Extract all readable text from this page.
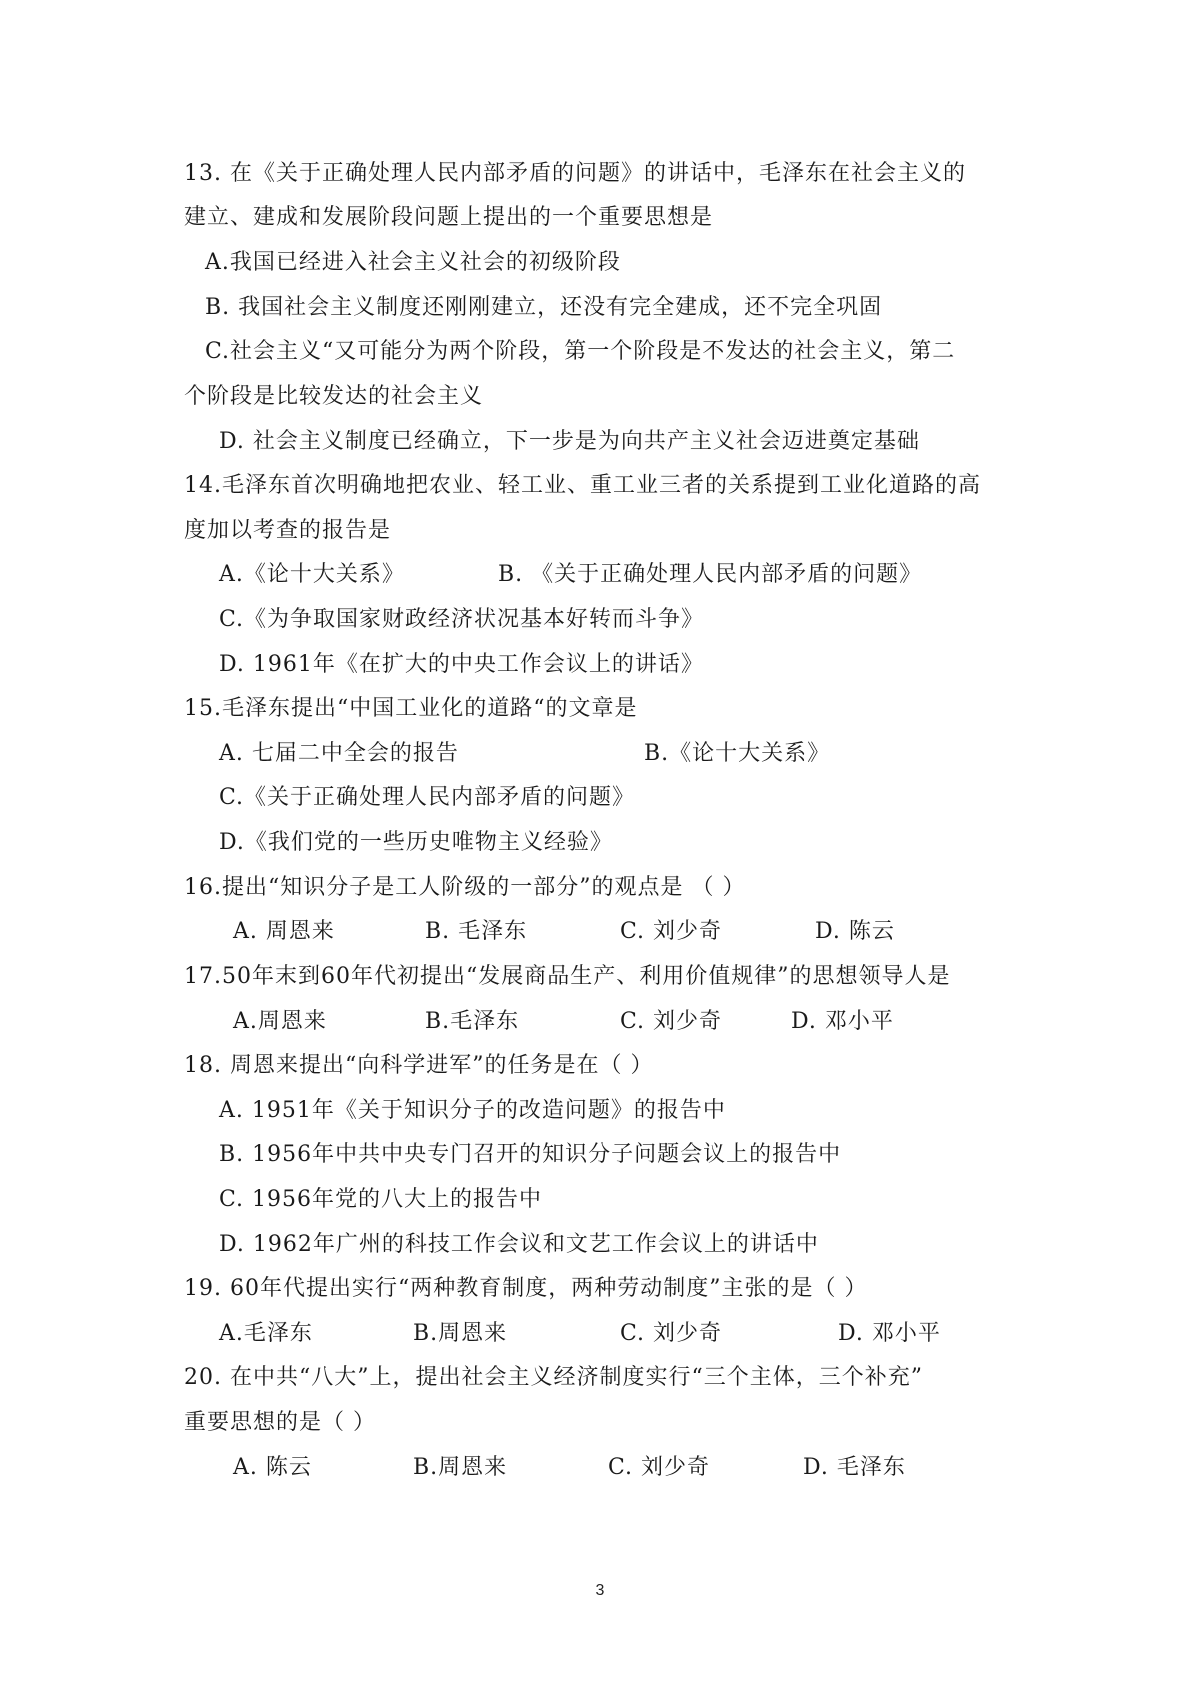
13. 在《关于正确处理人民内部矛盾的问题》的讲话中，毛泽东在社会主义的
建立、建成和发展阶段问题上提出的一个重要思想是
A.我国已经进入社会主义社会的初级阶段
B. 我国社会主义制度还刚刚建立，还没有完全建成，还不完全巩固
C.社会主义“又可能分为两个阶段，第一个阶段是不发达的社会主义，第二
个阶段是比较发达的社会主义
D. 社会主义制度已经确立，下一步是为向共产主义社会迈进奠定基础
14.毛泽东首次明确地把农业、轻工业、重工业三者的关系提到工业化道路的高
度加以考查的报告是
A.《论十大关系》	B. 《关于正确处理人民内部矛盾的问题》
C.《为争取国家财政经济状况基本好转而斗争》
D. 1961年《在扩大的中央工作会议上的讲话》
15.毛泽东提出“中国工业化的道路“的文章是
A. 七届二中全会的报告	B.《论十大关系》
C.《关于正确处理人民内部矛盾的问题》
D.《我们党的一些历史唯物主义经验》
16.提出“知识分子是工人阶级的一部分”的观点是 （ ）
A. 周恩来	B. 毛泽东	C. 刘少奇	D. 陈云
17.50年末到60年代初提出“发展商品生产、利用价值规律”的思想领导人是
A.周恩来	B.毛泽东	C. 刘少奇	D. 邓小平
18. 周恩来提出“向科学进军”的任务是在（ ）
A. 1951年《关于知识分子的改造问题》的报告中
B. 1956年中共中央专门召开的知识分子问题会议上的报告中
C. 1956年党的八大上的报告中
D. 1962年广州的科技工作会议和文艺工作会议上的讲话中
19. 60年代提出实行“两种教育制度，两种劳动制度”主张的是（ ）
A.毛泽东	B.周恩来	C. 刘少奇	D. 邓小平
20. 在中共“八大”上，提出社会主义经济制度实行“三个主体，三个补充”
重要思想的是（ ）
A. 陈云	B.周恩来	C. 刘少奇	D. 毛泽东
3
